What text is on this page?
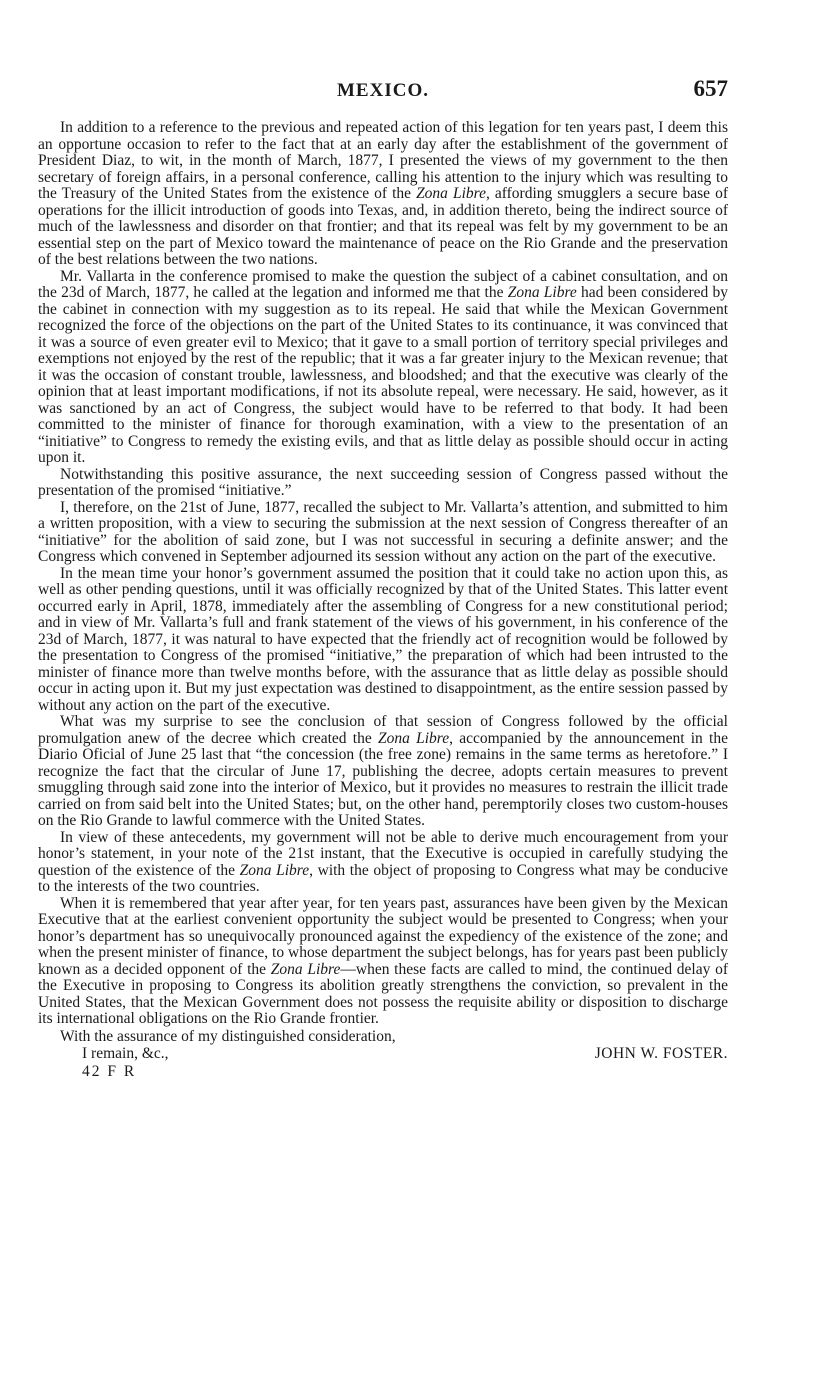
MEXICO.	657

In addition to a reference to the previous and repeated action of this legation for ten years past, I deem this an opportune occasion to refer to the fact that at an early day after the establishment of the government of President Diaz, to wit, in the month of March, 1877, I presented the views of my government to the then secretary of foreign affairs, in a personal conference, calling his attention to the injury which was resulting to the Treasury of the United States from the existence of the Zona Libre, affording smugglers a secure base of operations for the illicit introduction of goods into Texas, and, in addition thereto, being the indirect source of much of the lawlessness and disorder on that frontier; and that its repeal was felt by my government to be an essential step on the part of Mexico toward the maintenance of peace on the Rio Grande and the preservation of the best relations between the two nations.

Mr. Vallarta in the conference promised to make the question the subject of a cabinet consultation, and on the 23d of March, 1877, he called at the legation and informed me that the Zona Libre had been considered by the cabinet in connection with my suggestion as to its repeal. He said that while the Mexican Government recognized the force of the objections on the part of the United States to its continuance, it was convinced that it was a source of even greater evil to Mexico; that it gave to a small portion of territory special privileges and exemptions not enjoyed by the rest of the republic; that it was a far greater injury to the Mexican revenue; that it was the occasion of constant trouble, lawlessness, and bloodshed; and that the executive was clearly of the opinion that at least important modifications, if not its absolute repeal, were necessary. He said, however, as it was sanctioned by an act of Congress, the subject would have to be referred to that body. It had been committed to the minister of finance for thorough examination, with a view to the presentation of an “initiative” to Congress to remedy the existing evils, and that as little delay as possible should occur in acting upon it.

Notwithstanding this positive assurance, the next succeeding session of Congress passed without the presentation of the promised “initiative.”

I, therefore, on the 21st of June, 1877, recalled the subject to Mr. Vallarta’s attention, and submitted to him a written proposition, with a view to securing the submission at the next session of Congress thereafter of an “initiative” for the abolition of said zone, but I was not successful in securing a definite answer; and the Congress which convened in September adjourned its session without any action on the part of the executive.

In the mean time your honor’s government assumed the position that it could take no action upon this, as well as other pending questions, until it was officially recognized by that of the United States. This latter event occurred early in April, 1878, immediately after the assembling of Congress for a new constitutional period; and in view of Mr. Vallarta’s full and frank statement of the views of his government, in his conference of the 23d of March, 1877, it was natural to have expected that the friendly act of recognition would be followed by the presentation to Congress of the promised “initiative,” the preparation of which had been intrusted to the minister of finance more than twelve months before, with the assurance that as little delay as possible should occur in acting upon it. But my just expectation was destined to disappointment, as the entire session passed by without any action on the part of the executive.

What was my surprise to see the conclusion of that session of Congress followed by the official promulgation anew of the decree which created the Zona Libre, accompanied by the announcement in the Diario Oficial of June 25 last that “the concession (the free zone) remains in the same terms as heretofore.” I recognize the fact that the circular of June 17, publishing the decree, adopts certain measures to prevent smuggling through said zone into the interior of Mexico, but it provides no measures to restrain the illicit trade carried on from said belt into the United States; but, on the other hand, peremptorily closes two custom-houses on the Rio Grande to lawful commerce with the United States.

In view of these antecedents, my government will not be able to derive much encouragement from your honor’s statement, in your note of the 21st instant, that the Executive is occupied in carefully studying the question of the existence of the Zona Libre, with the object of proposing to Congress what may be conducive to the interests of the two countries.

When it is remembered that year after year, for ten years past, assurances have been given by the Mexican Executive that at the earliest convenient opportunity the subject would be presented to Congress; when your honor’s department has so unequivocally pronounced against the expediency of the existence of the zone; and when the present minister of finance, to whose department the subject belongs, has for years past been publicly known as a decided opponent of the Zona Libre—when these facts are called to mind, the continued delay of the Executive in proposing to Congress its abolition greatly strengthens the conviction, so prevalent in the United States, that the Mexican Government does not possess the requisite ability or disposition to discharge its international obligations on the Rio Grande frontier.

With the assurance of my distinguished consideration,
I remain, &c.,	JOHN W. FOSTER.
42 F R
